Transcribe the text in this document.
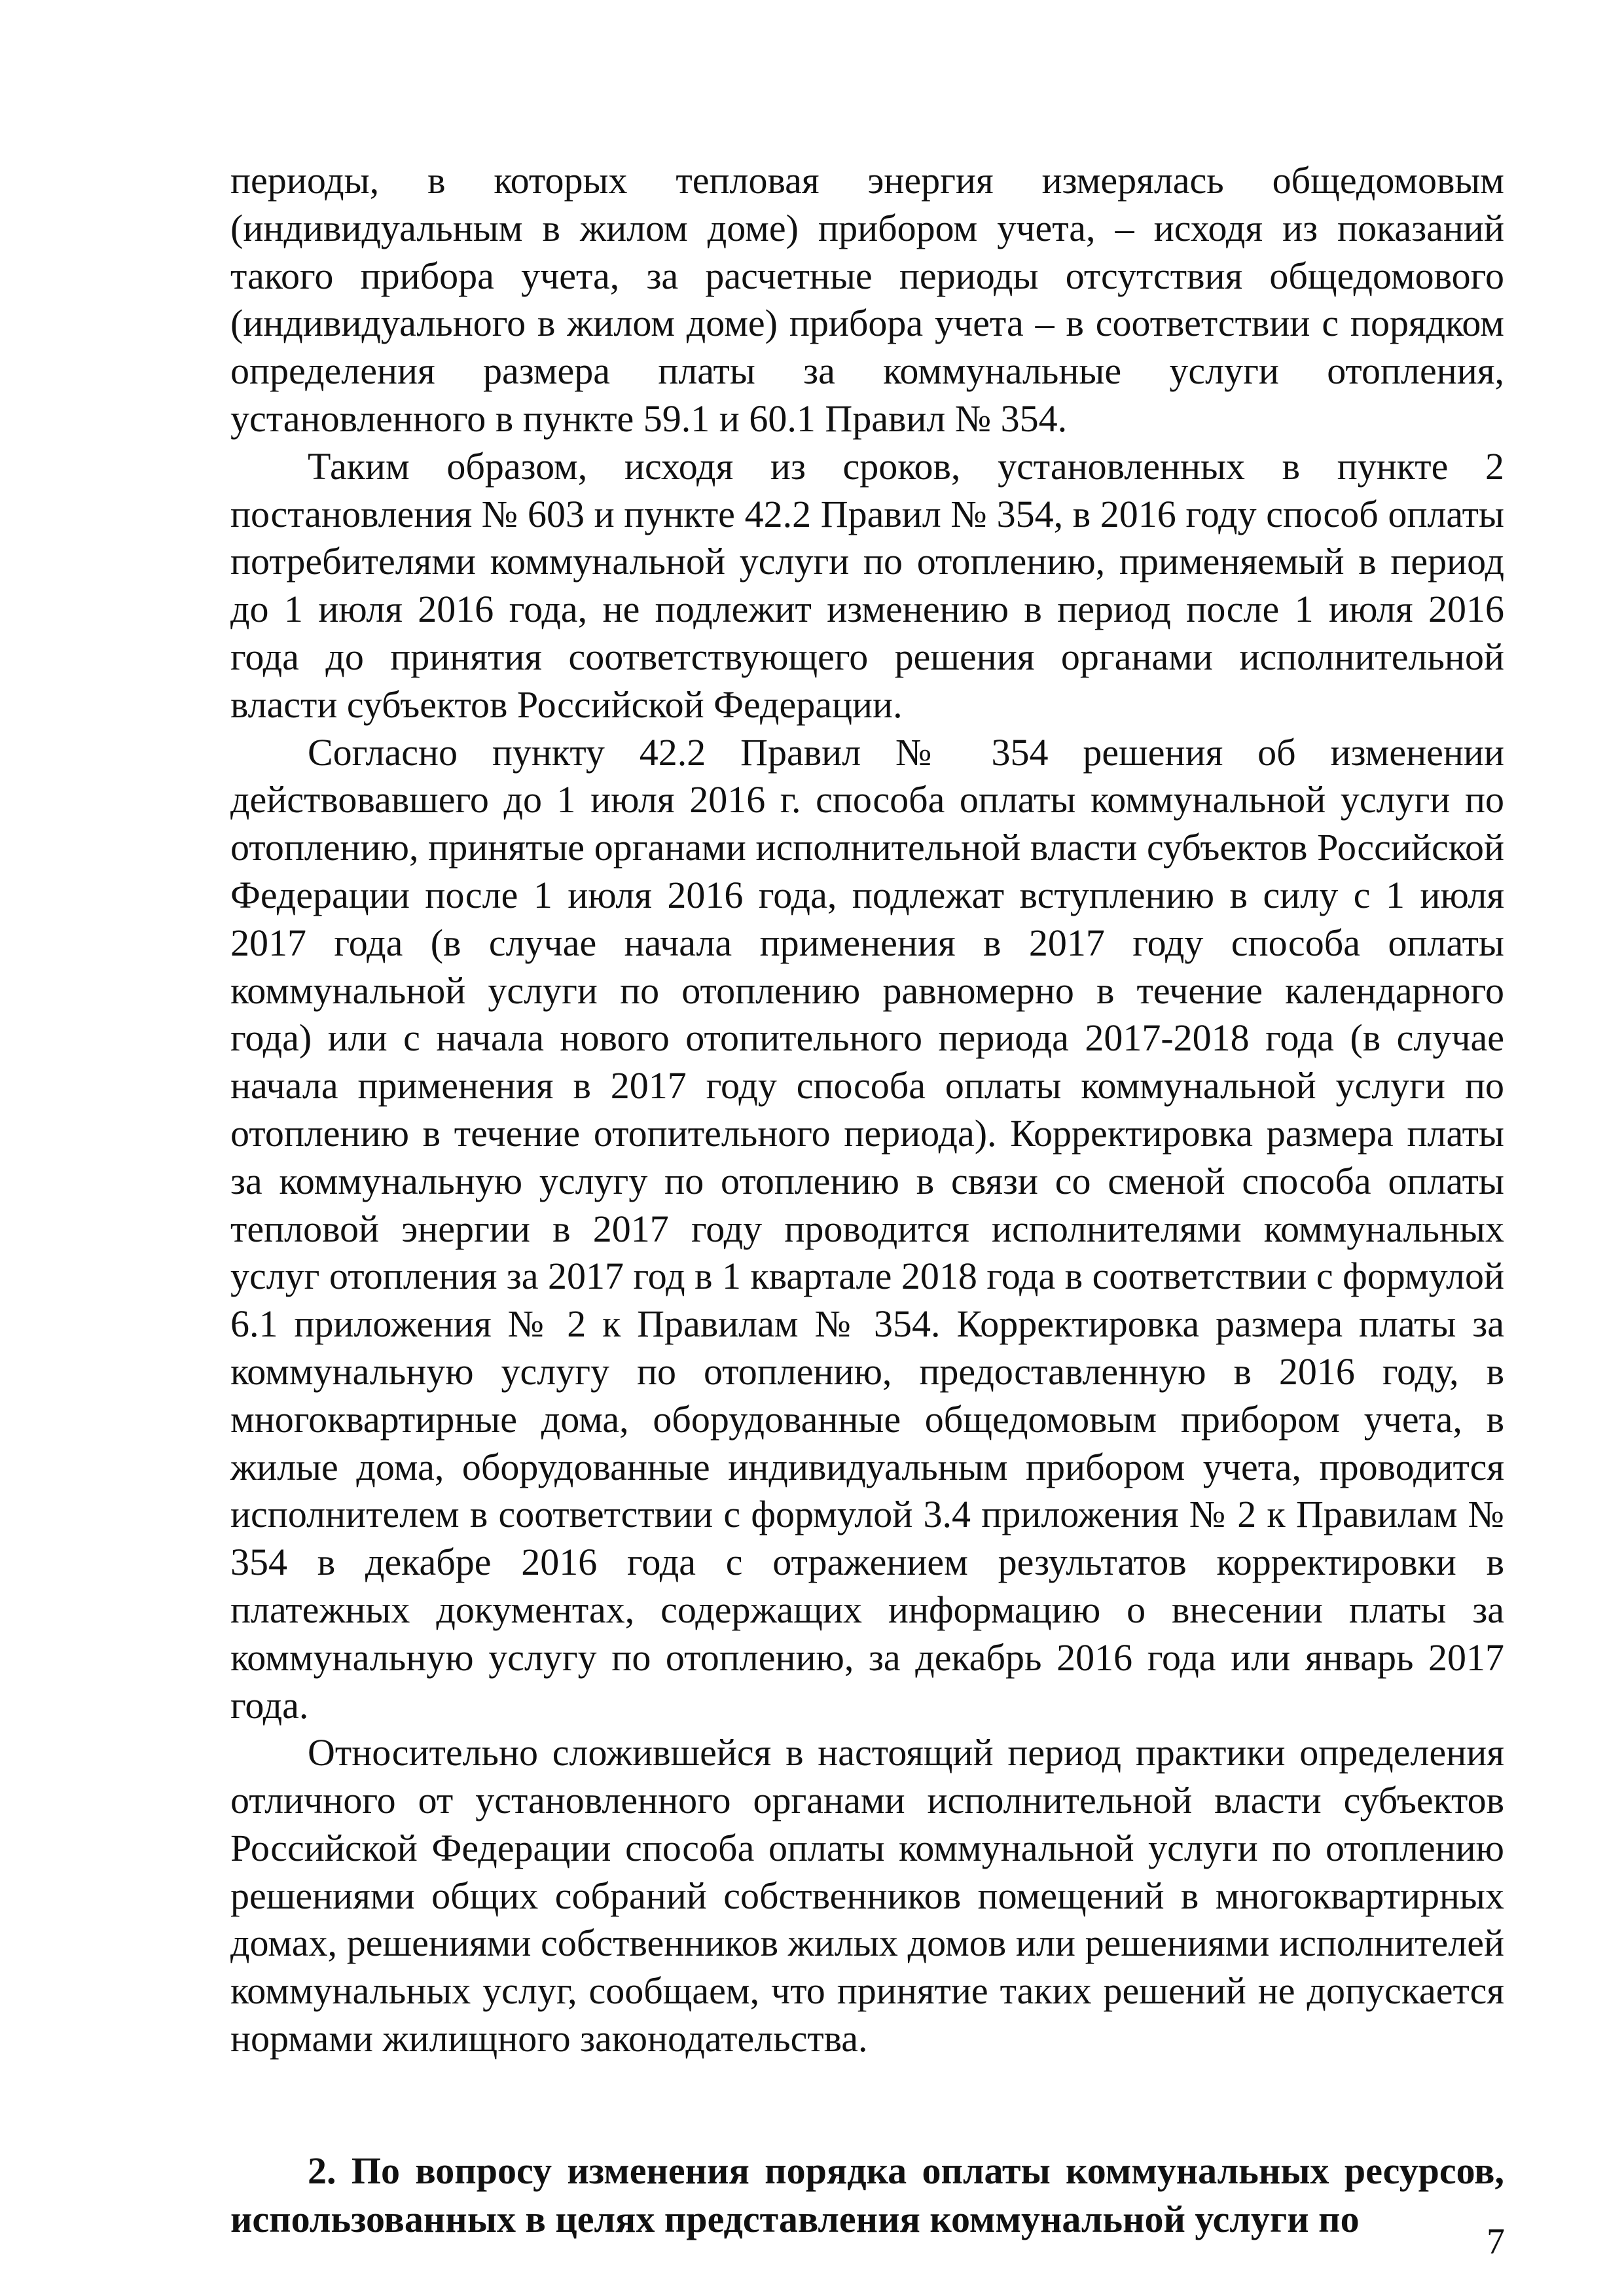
периоды, в которых тепловая энергия измерялась общедомовым (индивидуальным в жилом доме) прибором учета, – исходя из показаний такого прибора учета, за расчетные периоды отсутствия общедомового (индивидуального в жилом доме) прибора учета – в соответствии с порядком определения размера платы за коммунальные услуги отопления, установленного в пункте 59.1 и 60.1 Правил № 354.

Таким образом, исходя из сроков, установленных в пункте 2 постановления № 603 и пункте 42.2 Правил № 354, в 2016 году способ оплаты потребителями коммунальной услуги по отоплению, применяемый в период до 1 июля 2016 года, не подлежит изменению в период после 1 июля 2016 года до принятия соответствующего решения органами исполнительной власти субъектов Российской Федерации.

Согласно пункту 42.2 Правил № 354 решения об изменении действовавшего до 1 июля 2016 г. способа оплаты коммунальной услуги по отоплению, принятые органами исполнительной власти субъектов Российской Федерации после 1 июля 2016 года, подлежат вступлению в силу с 1 июля 2017 года (в случае начала применения в 2017 году способа оплаты коммунальной услуги по отоплению равномерно в течение календарного года) или с начала нового отопительного периода 2017-2018 года (в случае начала применения в 2017 году способа оплаты коммунальной услуги по отоплению в течение отопительного периода). Корректировка размера платы за коммунальную услугу по отоплению в связи со сменой способа оплаты тепловой энергии в 2017 году проводится исполнителями коммунальных услуг отопления за 2017 год в 1 квартале 2018 года в соответствии с формулой 6.1 приложения № 2 к Правилам № 354. Корректировка размера платы за коммунальную услугу по отоплению, предоставленную в 2016 году, в многоквартирные дома, оборудованные общедомовым прибором учета, в жилые дома, оборудованные индивидуальным прибором учета, проводится исполнителем в соответствии с формулой 3.4 приложения № 2 к Правилам № 354 в декабре 2016 года с отражением результатов корректировки в платежных документах, содержащих информацию о внесении платы за коммунальную услугу по отоплению, за декабрь 2016 года или январь 2017 года.

Относительно сложившейся в настоящий период практики определения отличного от установленного органами исполнительной власти субъектов Российской Федерации способа оплаты коммунальной услуги по отоплению решениями общих собраний собственников помещений в многоквартирных домах, решениями собственников жилых домов или решениями исполнителей коммунальных услуг, сообщаем, что принятие таких решений не допускается нормами жилищного законодательства.

2. По вопросу изменения порядка оплаты коммунальных ресурсов, использованных в целях представления коммунальной услуги по

7
